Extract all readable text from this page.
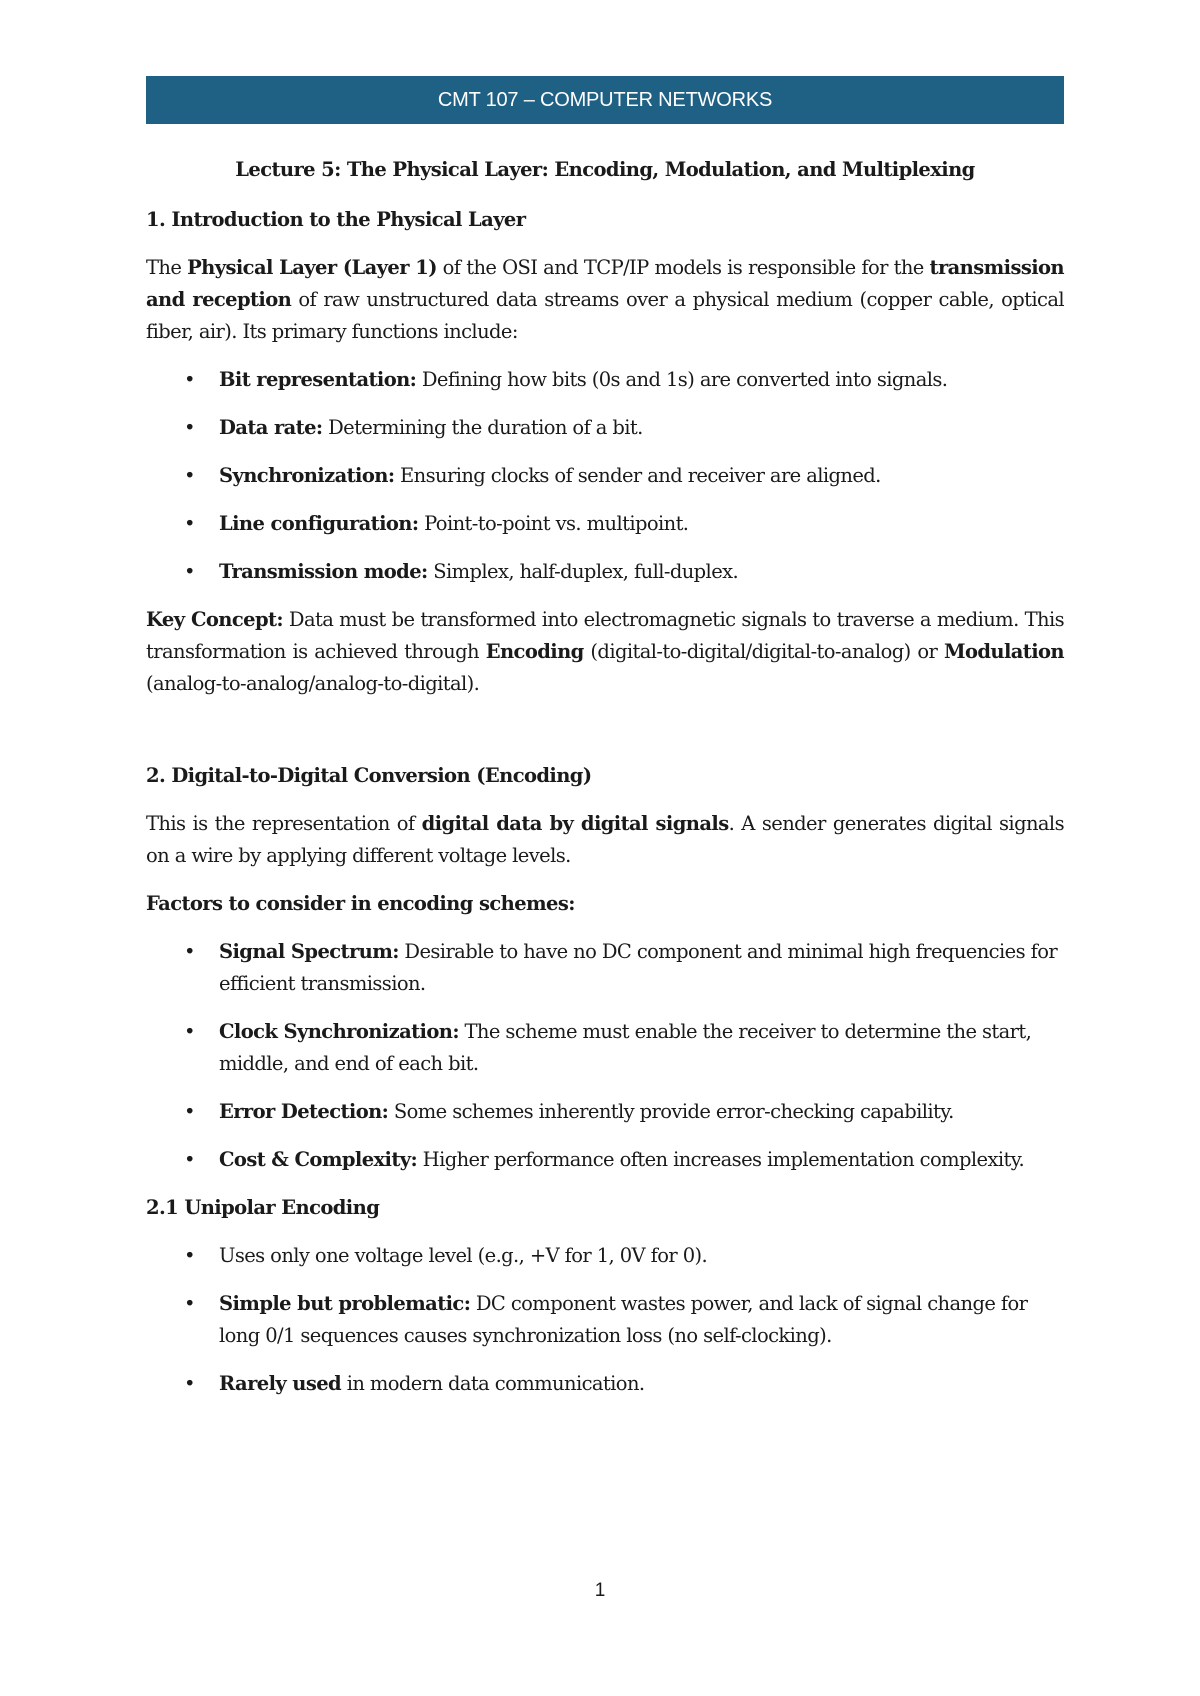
CMT 107 – COMPUTER NETWORKS

Lecture 5: The Physical Layer: Encoding, Modulation, and Multiplexing

1. Introduction to the Physical Layer

The Physical Layer (Layer 1) of the OSI and TCP/IP models is responsible for the transmission and reception of raw unstructured data streams over a physical medium (copper cable, optical fiber, air). Its primary functions include:

• Bit representation: Defining how bits (0s and 1s) are converted into signals.
• Data rate: Determining the duration of a bit.
• Synchronization: Ensuring clocks of sender and receiver are aligned.
• Line configuration: Point-to-point vs. multipoint.
• Transmission mode: Simplex, half-duplex, full-duplex.

Key Concept: Data must be transformed into electromagnetic signals to traverse a medium. This transformation is achieved through Encoding (digital-to-digital/digital-to-analog) or Modulation (analog-to-analog/analog-to-digital).

2. Digital-to-Digital Conversion (Encoding)

This is the representation of digital data by digital signals. A sender generates digital signals on a wire by applying different voltage levels.

Factors to consider in encoding schemes:

• Signal Spectrum: Desirable to have no DC component and minimal high frequencies for efficient transmission.
• Clock Synchronization: The scheme must enable the receiver to determine the start, middle, and end of each bit.
• Error Detection: Some schemes inherently provide error-checking capability.
• Cost & Complexity: Higher performance often increases implementation complexity.

2.1 Unipolar Encoding

• Uses only one voltage level (e.g., +V for 1, 0V for 0).
• Simple but problematic: DC component wastes power, and lack of signal change for long 0/1 sequences causes synchronization loss (no self-clocking).
• Rarely used in modern data communication.
1
